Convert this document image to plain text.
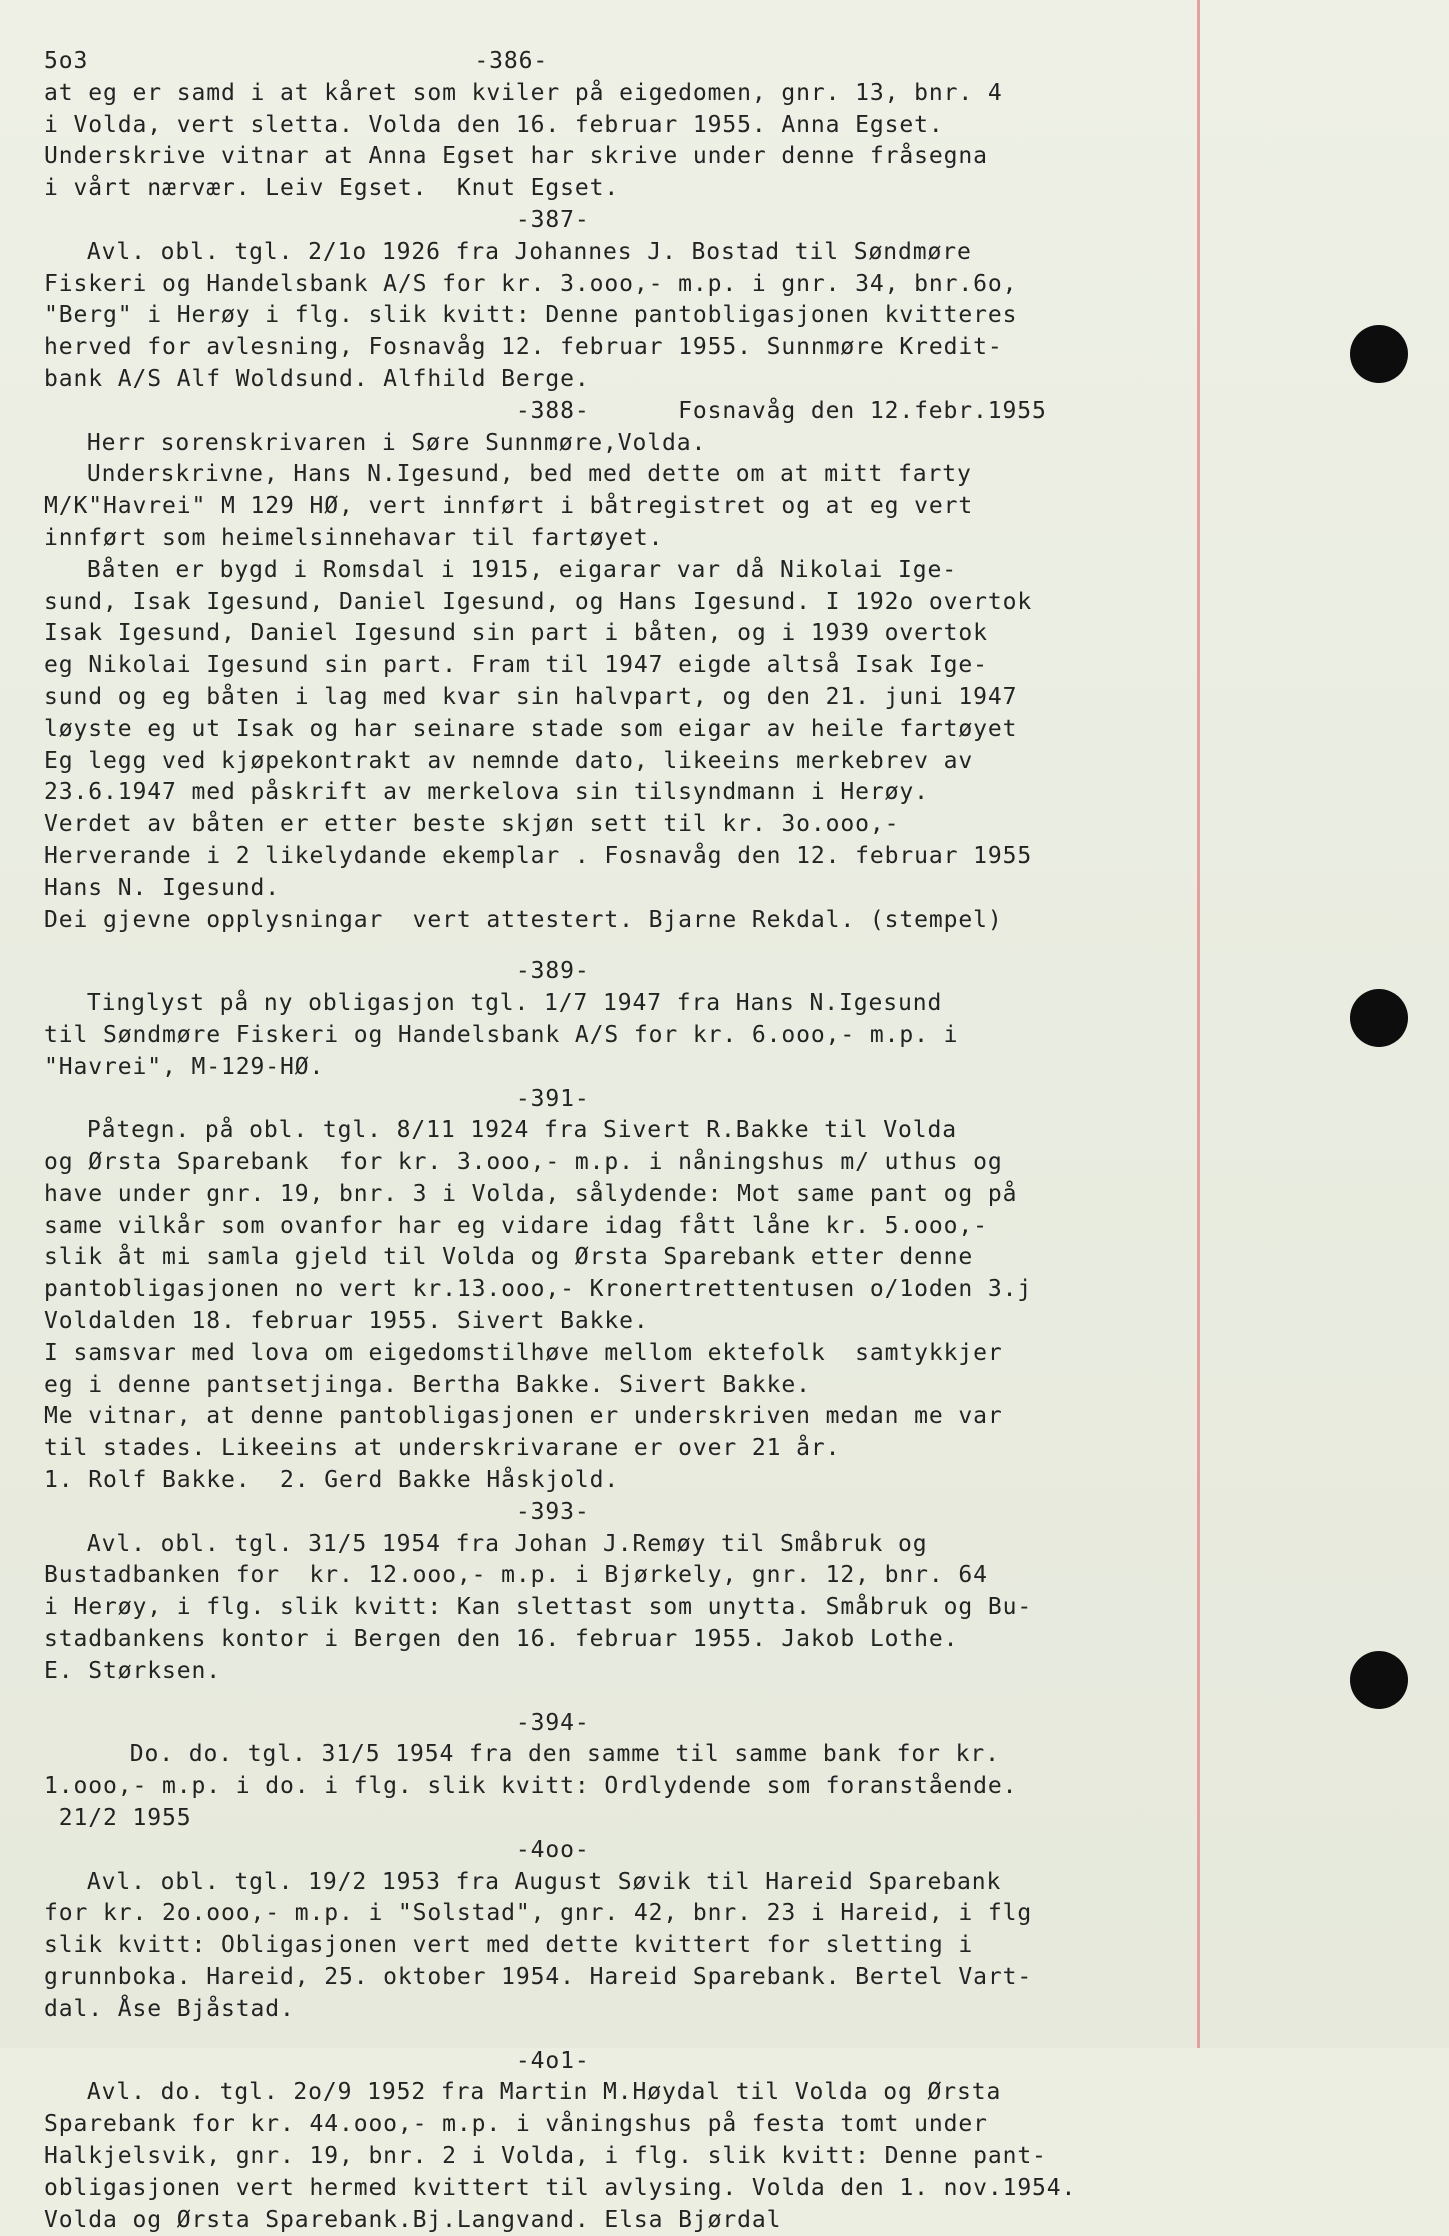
5o3	-386-
at eg er samd i at kåret som kviler på eigedomen, gnr. 13, bnr. 4
i Volda, vert sletta. Volda den 16. februar 1955. Anna Egset.
Underskrive vitnar at Anna Egset har skrive under denne fråsegna
i vårt nærvær. Leiv Egset.  Knut Egset.
-387-
Avl. obl. tgl. 2/1o 1926 fra Johannes J. Bostad til Søndmøre
Fiskeri og Handelsbank A/S for kr. 3.ooo,- m.p. i gnr. 34, bnr.6o,
"Berg" i Herøy i flg. slik kvitt: Denne pantobligasjonen kvitteres
herved for avlesning, Fosnavåg 12. februar 1955. Sunnmøre Kredit-
bank A/S Alf Woldsund. Alfhild Berge.
-388-      Fosnavåg den 12.febr.1955
Herr sorenskrivaren i Søre Sunnmøre,Volda.
Underskrivne, Hans N.Igesund, bed med dette om at mitt farty
M/K"Havrei" M 129 HØ, vert innført i båtregistret og at eg vert
innført som heimelsinnehavar til fartøyet.
Båten er bygd i Romsdal i 1915, eigarar var då Nikolai Ige-
sund, Isak Igesund, Daniel Igesund, og Hans Igesund. I 192o overtok
Isak Igesund, Daniel Igesund sin part i båten, og i 1939 overtok
eg Nikolai Igesund sin part. Fram til 1947 eigde altså Isak Ige-
sund og eg båten i lag med kvar sin halvpart, og den 21. juni 1947
løyste eg ut Isak og har seinare stade som eigar av heile fartøyet
Eg legg ved kjøpekontrakt av nemnde dato, likeeins merkebrev av
23.6.1947 med påskrift av merkelova sin tilsyndmann i Herøy.
Verdet av båten er etter beste skjøn sett til kr. 3o.ooo,-
Herverande i 2 likelydande ekemplar . Fosnavåg den 12. februar 1955
Hans N. Igesund.
Dei gjevne opplysningar  vert attestert. Bjarne Rekdal. (stempel)
-389-
Tinglyst på ny obligasjon tgl. 1/7 1947 fra Hans N.Igesund
til Søndmøre Fiskeri og Handelsbank A/S for kr. 6.ooo,- m.p. i
"Havrei", M-129-HØ.
-391-
Påtegn. på obl. tgl. 8/11 1924 fra Sivert R.Bakke til Volda
og Ørsta Sparebank  for kr. 3.ooo,- m.p. i nåningshus m/ uthus og
have under gnr. 19, bnr. 3 i Volda, sålydende: Mot same pant og på
same vilkår som ovanfor har eg vidare idag fått låne kr. 5.ooo,-
slik åt mi samla gjeld til Volda og Ørsta Sparebank etter denne
pantobligasjonen no vert kr.13.ooo,- Kronertrettentusen o/1oden 3.j
Voldalden 18. februar 1955. Sivert Bakke.
I samsvar med lova om eigedomstilhøve mellom ektefolk  samtykkjer
eg i denne pantsetjinga. Bertha Bakke. Sivert Bakke.
Me vitnar, at denne pantobligasjonen er underskriven medan me var
til stades. Likeeins at underskrivarane er over 21 år.
1. Rolf Bakke.  2. Gerd Bakke Håskjold.
-393-
Avl. obl. tgl. 31/5 1954 fra Johan J.Remøy til Småbruk og
Bustadbanken for  kr. 12.ooo,- m.p. i Bjørkely, gnr. 12, bnr. 64
i Herøy, i flg. slik kvitt: Kan slettast som unytta. Småbruk og Bu-
stadbankens kontor i Bergen den 16. februar 1955. Jakob Lothe.
E. Størksen.
-394-
Do. do. tgl. 31/5 1954 fra den samme til samme bank for kr.
1.ooo,- m.p. i do. i flg. slik kvitt: Ordlydende som foranstående.
21/2 1955
-4oo-
Avl. obl. tgl. 19/2 1953 fra August Søvik til Hareid Sparebank
for kr. 2o.ooo,- m.p. i "Solstad", gnr. 42, bnr. 23 i Hareid, i flg
slik kvitt: Obligasjonen vert med dette kvittert for sletting i
grunnboka. Hareid, 25. oktober 1954. Hareid Sparebank. Bertel Vart-
dal. Åse Bjåstad.
-4o1-
Avl. do. tgl. 2o/9 1952 fra Martin M.Høydal til Volda og Ørsta
Sparebank for kr. 44.ooo,- m.p. i våningshus på festa tomt under
Halkjelsvik, gnr. 19, bnr. 2 i Volda, i flg. slik kvitt: Denne pant-
obligasjonen vert hermed kvittert til avlysing. Volda den 1. nov.1954.
Volda og Ørsta Sparebank.Bj.Langvand. Elsa Bjørdal
